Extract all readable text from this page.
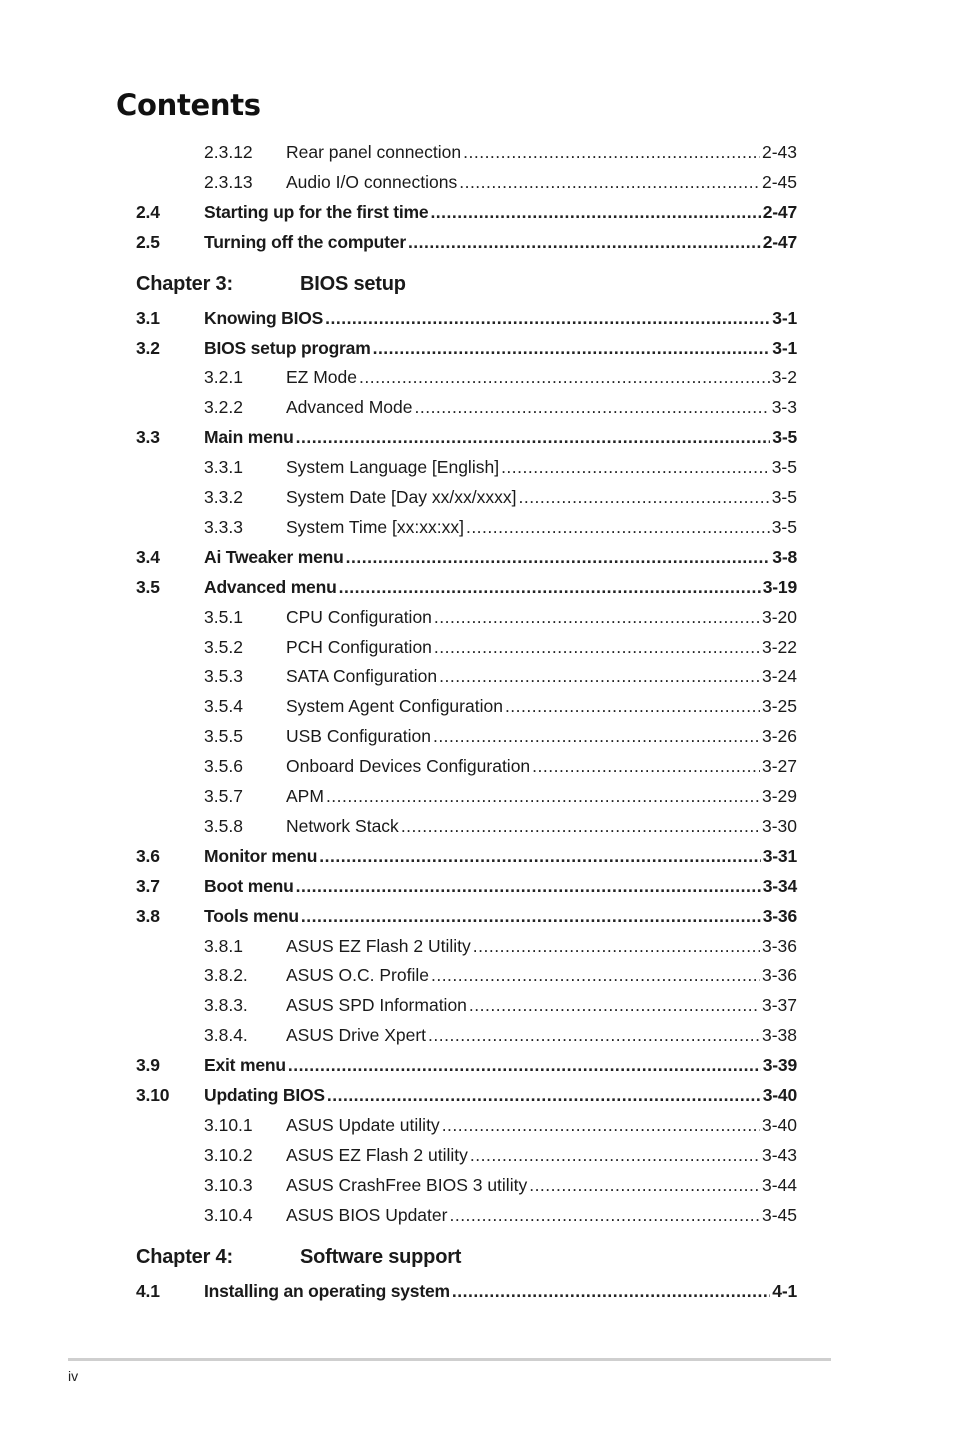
Contents
2.3.12 Rear panel connection .....	2-43
2.3.13 Audio I/O connections .....	2-45
2.4	Starting up for the first time .....	2-47
2.5	Turning off the computer .....	2-47
Chapter 3:	BIOS setup
3.1	Knowing BIOS .....	3-1
3.2	BIOS setup program .....	3-1
3.2.1 EZ Mode .....	3-2
3.2.2 Advanced Mode .....	3-3
3.3	Main menu .....	3-5
3.3.1 System Language [English] .....	3-5
3.3.2 System Date [Day xx/xx/xxxx] .....	3-5
3.3.3 System Time [xx:xx:xx] .....	3-5
3.4	Ai Tweaker menu .....	3-8
3.5	Advanced menu .....	3-19
3.5.1 CPU Configuration .....	3-20
3.5.2 PCH Configuration .....	3-22
3.5.3 SATA Configuration .....	3-24
3.5.4 System Agent Configuration .....	3-25
3.5.5 USB Configuration .....	3-26
3.5.6 Onboard Devices Configuration .....	3-27
3.5.7 APM .....	3-29
3.5.8 Network Stack .....	3-30
3.6	Monitor menu .....	3-31
3.7	Boot menu .....	3-34
3.8	Tools menu .....	3-36
3.8.1 ASUS EZ Flash 2 Utility .....	3-36
3.8.2. ASUS O.C. Profile .....	3-36
3.8.3. ASUS SPD Information .....	3-37
3.8.4. ASUS Drive Xpert .....	3-38
3.9	Exit menu .....	3-39
3.10 Updating BIOS .....	3-40
3.10.1 ASUS Update utility .....	3-40
3.10.2 ASUS EZ Flash 2 utility .....	3-43
3.10.3 ASUS CrashFree BIOS 3 utility .....	3-44
3.10.4 ASUS BIOS Updater .....	3-45
Chapter 4:	Software support
4.1	Installing an operating system .....	4-1
iv
